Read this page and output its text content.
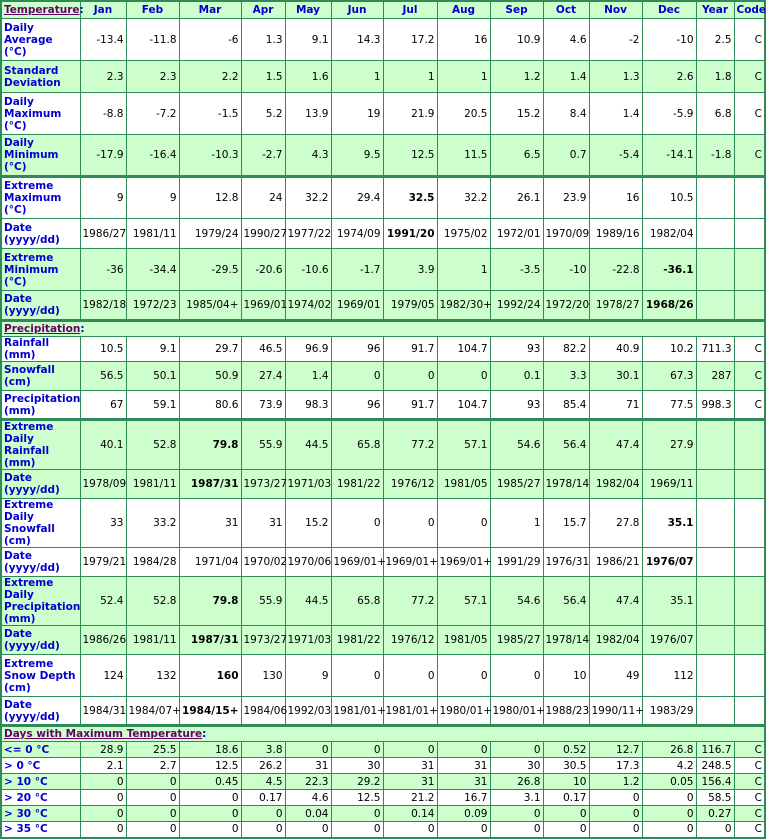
Temperature:	Jan	Feb	Mar	Apr	May	Jun	Jul	Aug	Sep	Oct	Nov	Dec	Year	Code
Daily Average (°C)	-13.4	-11.8	-6	1.3	9.1	14.3	17.2	16	10.9	4.6	-2	-10	2.5	C
Standard Deviation	2.3	2.3	2.2	1.5	1.6	1	1	1	1.2	1.4	1.3	2.6	1.8	C
Daily Maximum (°C)	-8.8	-7.2	-1.5	5.2	13.9	19	21.9	20.5	15.2	8.4	1.4	-5.9	6.8	C
Daily Minimum (°C)	-17.9	-16.4	-10.3	-2.7	4.3	9.5	12.5	11.5	6.5	0.7	-5.4	-14.1	-1.8	C
Extreme Maximum (°C)	9	9	12.8	24	32.2	29.4	32.5	32.2	26.1	23.9	16	10.5		
Date (yyyy/dd)	1986/27	1981/11	1979/24	1990/27	1977/22	1974/09	1991/20	1975/02	1972/01	1970/09	1989/16	1982/04		
Extreme Minimum (°C)	-36	-34.4	-29.5	-20.6	-10.6	-1.7	3.9	1	-3.5	-10	-22.8	-36.1		
Date (yyyy/dd)	1982/18	1972/23	1985/04+	1969/01	1974/02	1969/01	1979/05	1982/30+	1992/24	1972/20	1978/27	1968/26		
Precipitation:														
Rainfall (mm)	10.5	9.1	29.7	46.5	96.9	96	91.7	104.7	93	82.2	40.9	10.2	711.3	C
Snowfall (cm)	56.5	50.1	50.9	27.4	1.4	0	0	0	0.1	3.3	30.1	67.3	287	C
Precipitation (mm)	67	59.1	80.6	73.9	98.3	96	91.7	104.7	93	85.4	71	77.5	998.3	C
Extreme Daily Rainfall (mm)	40.1	52.8	79.8	55.9	44.5	65.8	77.2	57.1	54.6	56.4	47.4	27.9		
Date (yyyy/dd)	1978/09	1981/11	1987/31	1973/27	1971/03	1981/22	1976/12	1981/05	1985/27	1978/14	1982/04	1969/11		
Extreme Daily Snowfall (cm)	33	33.2	31	31	15.2	0	0	0	1	15.7	27.8	35.1		
Date (yyyy/dd)	1979/21	1984/28	1971/04	1970/02	1970/06	1969/01+	1969/01+	1969/01+	1991/29	1976/31	1986/21	1976/07		
Extreme Daily Precipitation (mm)	52.4	52.8	79.8	55.9	44.5	65.8	77.2	57.1	54.6	56.4	47.4	35.1		
Date (yyyy/dd)	1986/26	1981/11	1987/31	1973/27	1971/03	1981/22	1976/12	1981/05	1985/27	1978/14	1982/04	1976/07		
Extreme Snow Depth (cm)	124	132	160	130	9	0	0	0	0	10	49	112		
Date (yyyy/dd)	1984/31	1984/07+	1984/15+	1984/06	1992/03	1981/01+	1981/01+	1980/01+	1980/01+	1988/23	1990/11+	1983/29		
Days with Maximum Temperature:														
<= 0 °C	28.9	25.5	18.6	3.8	0	0	0	0	0	0.52	12.7	26.8	116.7	C
> 0 °C	2.1	2.7	12.5	26.2	31	30	31	31	30	30.5	17.3	4.2	248.5	C
> 10 °C	0	0	0.45	4.5	22.3	29.2	31	31	26.8	10	1.2	0.05	156.4	C
> 20 °C	0	0	0	0.17	4.6	12.5	21.2	16.7	3.1	0.17	0	0	58.5	C
> 30 °C	0	0	0	0	0.04	0	0.14	0.09	0	0	0	0	0.27	C
> 35 °C	0	0	0	0	0	0	0	0	0	0	0	0	0	C
